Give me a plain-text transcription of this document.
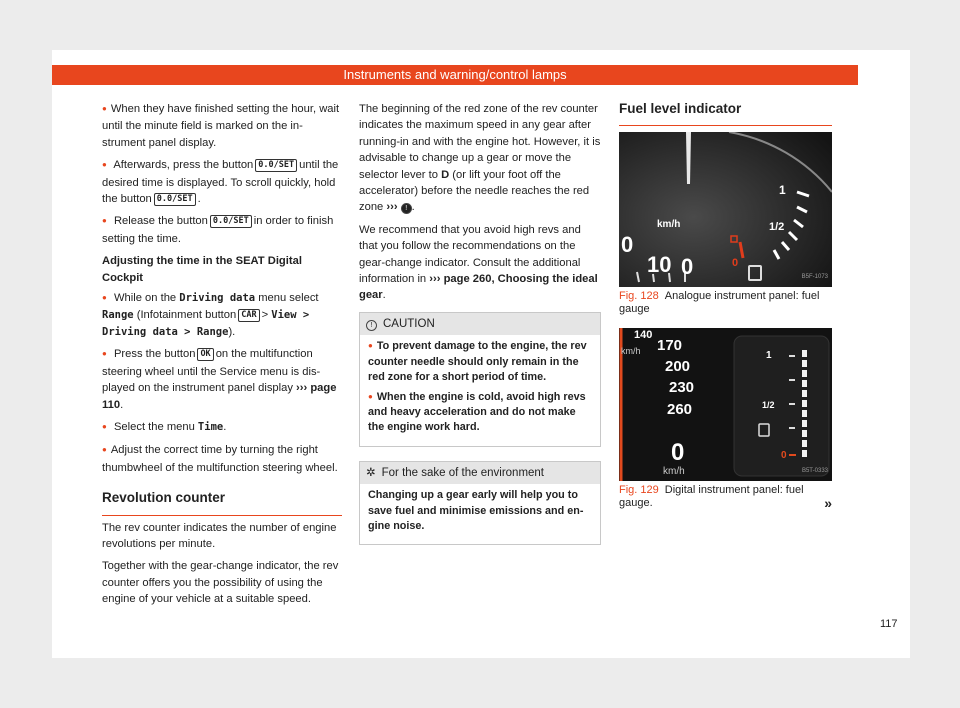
Instruments and warning/control lamps

● When they have finished setting the hour, wait until the minute field is marked on the instrument panel display.

● Afterwards, press the button 0.0/SET until the desired time is displayed. To scroll quickly, hold the button 0.0/SET .

● Release the button 0.0/SET in order to finish setting the time.

Adjusting the time in the SEAT Digital Cockpit

● While on the Driving data menu select Range (Infotainment button CAR > View > Driving data > Range).

● Press the button OK on the multifunction steering wheel until the Service menu is displayed on the instrument panel display ››› page 110.

● Select the menu Time.

● Adjust the correct time by turning the right thumbwheel of the multifunction steering wheel.

Revolution counter

The rev counter indicates the number of engine revolutions per minute.

Together with the gear-change indicator, the rev counter offers you the possibility of using the engine of your vehicle at a suitable speed.

The beginning of the red zone of the rev counter indicates the maximum speed in any gear after running-in and with the engine hot. However, it is advisable to change up a gear or move the selector lever to D (or lift your foot off the accelerator) before the needle reaches the red zone ››› ! .

We recommend that you avoid high revs and that you follow the recommendations on the gear-change indicator. Consult the additional information in ››› page 260, Choosing the ideal gear.

! CAUTION

● To prevent damage to the engine, the rev counter needle should only remain in the red zone for a short period of time.

● When the engine is cold, avoid high revs and heavy acceleration and do not make the engine work hard.

✲ For the sake of the environment

Changing up a gear early will help you to save fuel and minimise emissions and engine noise.

Fuel level indicator
km/h
0
10 0
1
1/2
0
B5F-1073

Fig. 128 Analogue instrument panel: fuel gauge

140
km/h 170
200
230
260
0
km/h
1
1/2
0
B5T-0333

Fig. 129 Digital instrument panel: fuel gauge.	»

117
